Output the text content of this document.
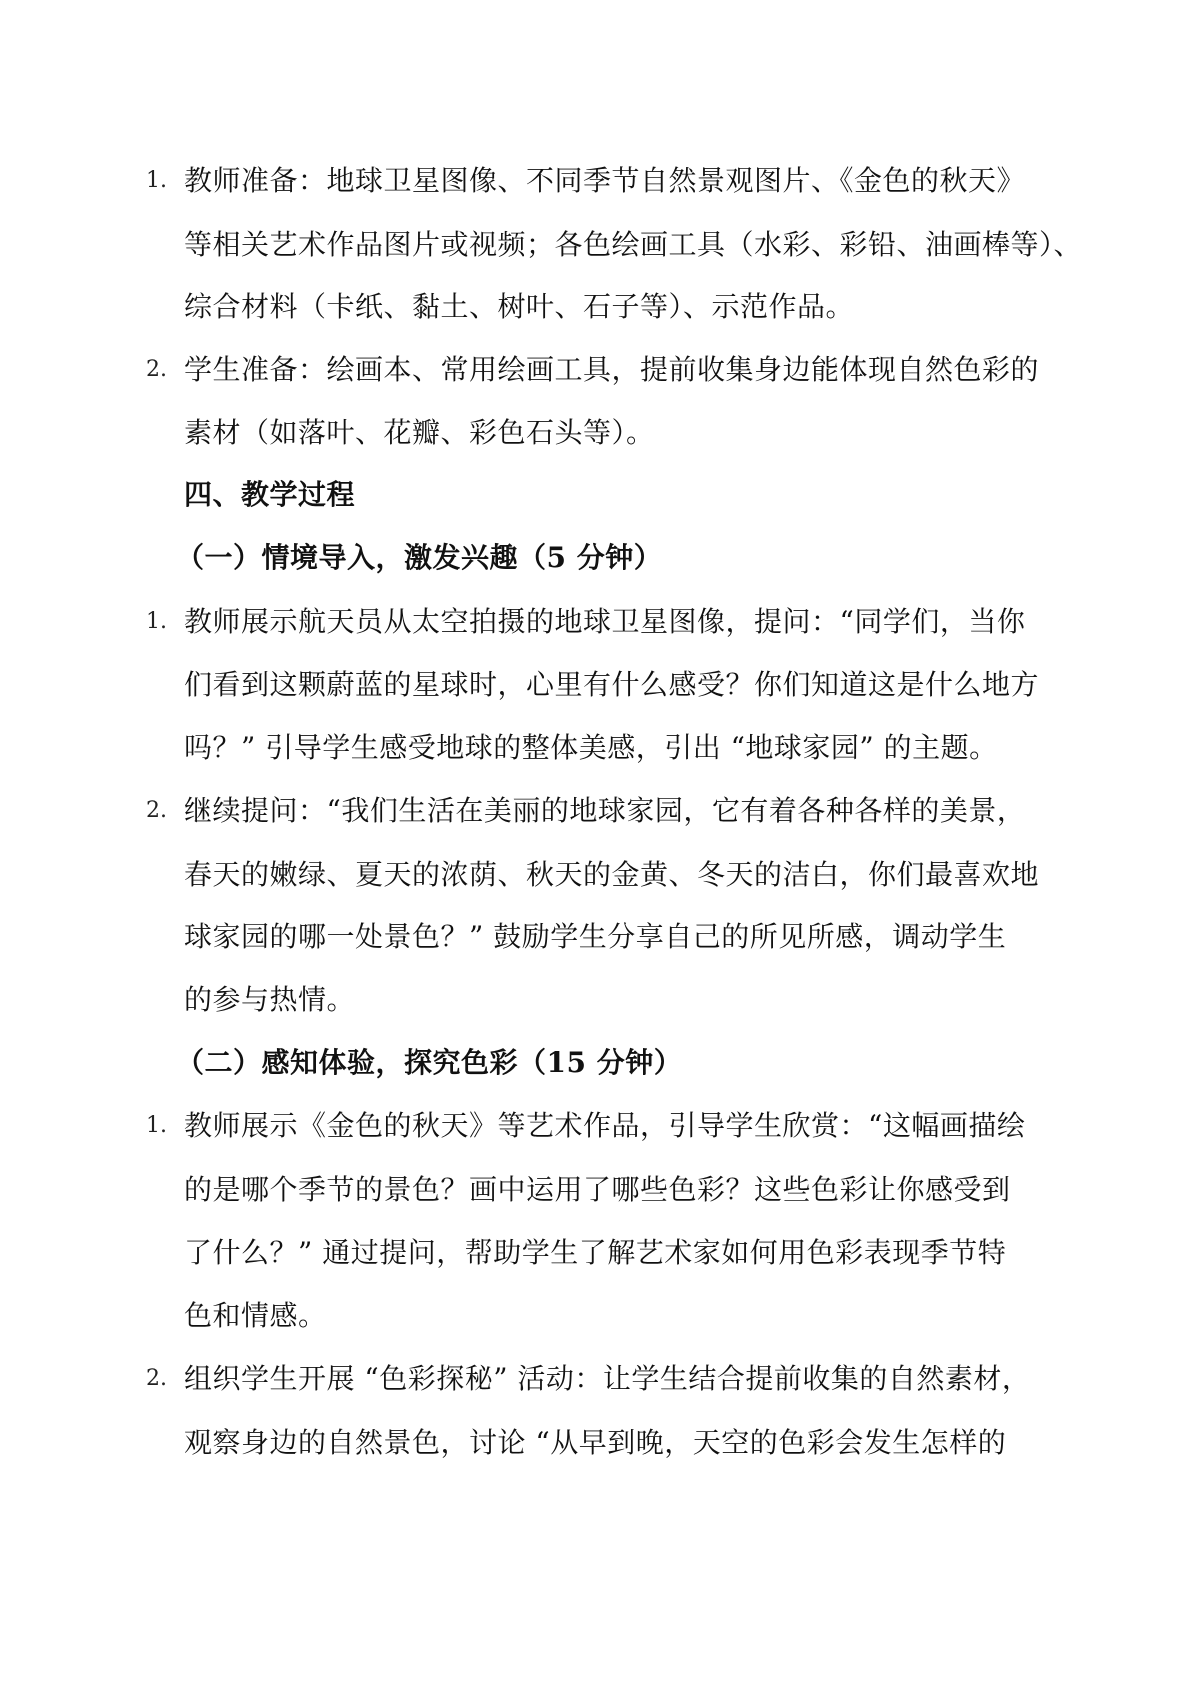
1. 教师准备：地球卫星图像、不同季节自然景观图片、《金色的秋天》
等相关艺术作品图片或视频；各色绘画工具（水彩、彩铅、油画棒等）、
综合材料（卡纸、黏土、树叶、石子等）、示范作品。
2. 学生准备：绘画本、常用绘画工具，提前收集身边能体现自然色彩的
素材（如落叶、花瓣、彩色石头等）。
四、教学过程
（一）情境导入，激发兴趣（5 分钟）
1. 教师展示航天员从太空拍摄的地球卫星图像，提问：“同学们，当你
们看到这颗蔚蓝的星球时，心里有什么感受？你们知道这是什么地方
吗？” 引导学生感受地球的整体美感，引出 “地球家园” 的主题。
2. 继续提问：“我们生活在美丽的地球家园，它有着各种各样的美景，
春天的嫩绿、夏天的浓荫、秋天的金黄、冬天的洁白，你们最喜欢地
球家园的哪一处景色？” 鼓励学生分享自己的所见所感，调动学生
的参与热情。
（二）感知体验，探究色彩（15 分钟）
1. 教师展示《金色的秋天》等艺术作品，引导学生欣赏：“这幅画描绘
的是哪个季节的景色？画中运用了哪些色彩？这些色彩让你感受到
了什么？” 通过提问，帮助学生了解艺术家如何用色彩表现季节特
色和情感。
2. 组织学生开展 “色彩探秘” 活动：让学生结合提前收集的自然素材，
观察身边的自然景色，讨论 “从早到晚，天空的色彩会发生怎样的
